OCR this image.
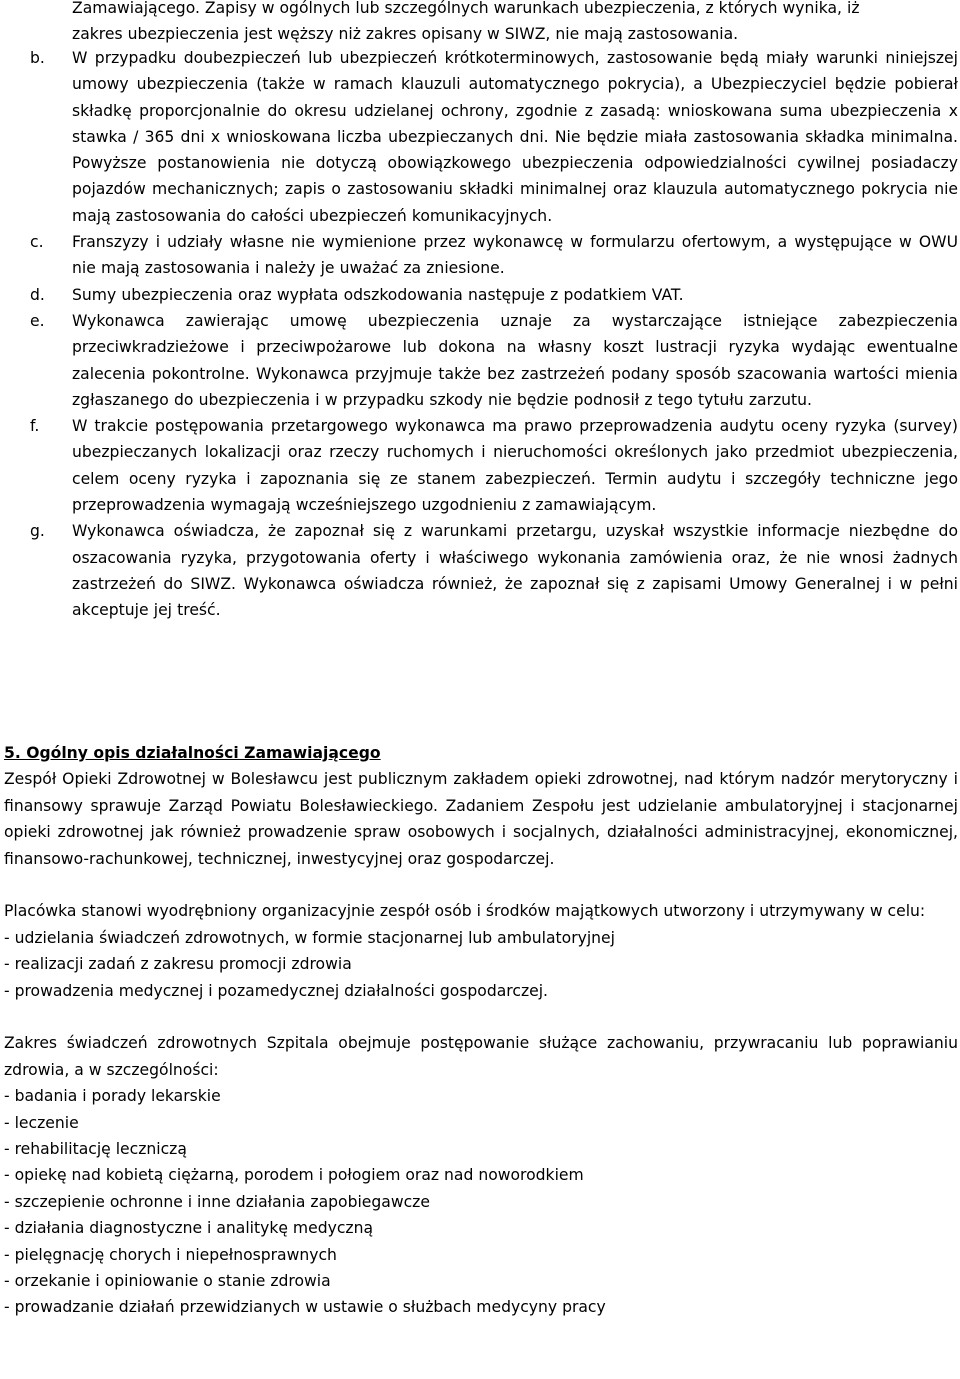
Zamawiającego. Zapisy w ogólnych lub szczególnych warunkach ubezpieczenia, z których wynika, iż
zakres ubezpieczenia jest węższy niż zakres opisany w SIWZ, nie mają zastosowania.
b.	W przypadku doubezpieczeń lub ubezpieczeń krótkoterminowych, zastosowanie będą miały warunki niniejszej umowy ubezpieczenia (także w ramach klauzuli automatycznego pokrycia), a Ubezpieczyciel będzie pobierał składkę proporcjonalnie do okresu udzielanej ochrony, zgodnie z zasadą: wnioskowana suma ubezpieczenia x stawka / 365 dni x wnioskowana liczba ubezpieczanych dni. Nie będzie miała zastosowania składka minimalna. Powyższe postanowienia nie dotyczą obowiązkowego ubezpieczenia odpowiedzialności cywilnej posiadaczy pojazdów mechanicznych; zapis o zastosowaniu składki minimalnej oraz klauzula automatycznego pokrycia nie mają zastosowania do całości ubezpieczeń komunikacyjnych.
c.	Franszyzy i udziały własne nie wymienione przez wykonawcę w formularzu ofertowym, a występujące w OWU nie mają zastosowania i należy je uważać za zniesione.
d.	Sumy ubezpieczenia oraz wypłata odszkodowania następuje z podatkiem VAT.
e.	Wykonawca zawierając umowę ubezpieczenia uznaje za wystarczające istniejące zabezpieczenia przeciwkradzieżowe i przeciwpożarowe lub dokona na własny koszt lustracji ryzyka wydając ewentualne zalecenia pokontrolne. Wykonawca przyjmuje także bez zastrzeżeń podany sposób szacowania wartości mienia zgłaszanego do ubezpieczenia i w przypadku szkody nie będzie podnosił z tego tytułu zarzutu.
f.	W trakcie postępowania przetargowego wykonawca ma prawo przeprowadzenia audytu oceny ryzyka (survey) ubezpieczanych lokalizacji oraz rzeczy ruchomych i nieruchomości określonych jako przedmiot ubezpieczenia, celem oceny ryzyka i zapoznania się ze stanem zabezpieczeń. Termin audytu i szczegóły techniczne jego przeprowadzenia wymagają wcześniejszego uzgodnieniu z zamawiającym.
g.	Wykonawca oświadcza, że zapoznał się z warunkami przetargu, uzyskał wszystkie informacje niezbędne do oszacowania ryzyka, przygotowania oferty i właściwego wykonania zamówienia oraz, że nie wnosi żadnych zastrzeżeń do SIWZ. Wykonawca oświadcza również, że zapoznał się z zapisami Umowy Generalnej i w pełni akceptuje jej treść.
5. Ogólny opis działalności Zamawiającego
Zespół Opieki Zdrowotnej w Bolesławcu jest publicznym zakładem opieki zdrowotnej, nad którym nadzór merytoryczny i finansowy sprawuje Zarząd Powiatu Bolesławieckiego. Zadaniem Zespołu jest udzielanie ambulatoryjnej i stacjonarnej opieki zdrowotnej jak również prowadzenie spraw osobowych i socjalnych, działalności administracyjnej, ekonomicznej, finansowo-rachunkowej, technicznej, inwestycyjnej oraz gospodarczej.
Placówka stanowi wyodrębniony organizacyjnie zespół osób i środków majątkowych utworzony i utrzymywany w celu:
- udzielania świadczeń zdrowotnych, w formie stacjonarnej lub ambulatoryjnej
- realizacji zadań z zakresu promocji zdrowia
- prowadzenia medycznej i pozamedycznej działalności gospodarczej.
Zakres świadczeń zdrowotnych Szpitala obejmuje postępowanie służące zachowaniu, przywracaniu lub poprawianiu zdrowia, a w szczególności:
- badania i porady lekarskie
- leczenie
- rehabilitację leczniczą
- opiekę nad kobietą ciężarną, porodem i połogiem oraz nad noworodkiem
- szczepienie ochronne i inne działania zapobiegawcze
- działania diagnostyczne i analitykę medyczną
- pielęgnację chorych i niepełnosprawnych
- orzekanie i opiniowanie o stanie zdrowia
- prowadzanie działań przewidzianych w ustawie o służbach medycyny pracy
